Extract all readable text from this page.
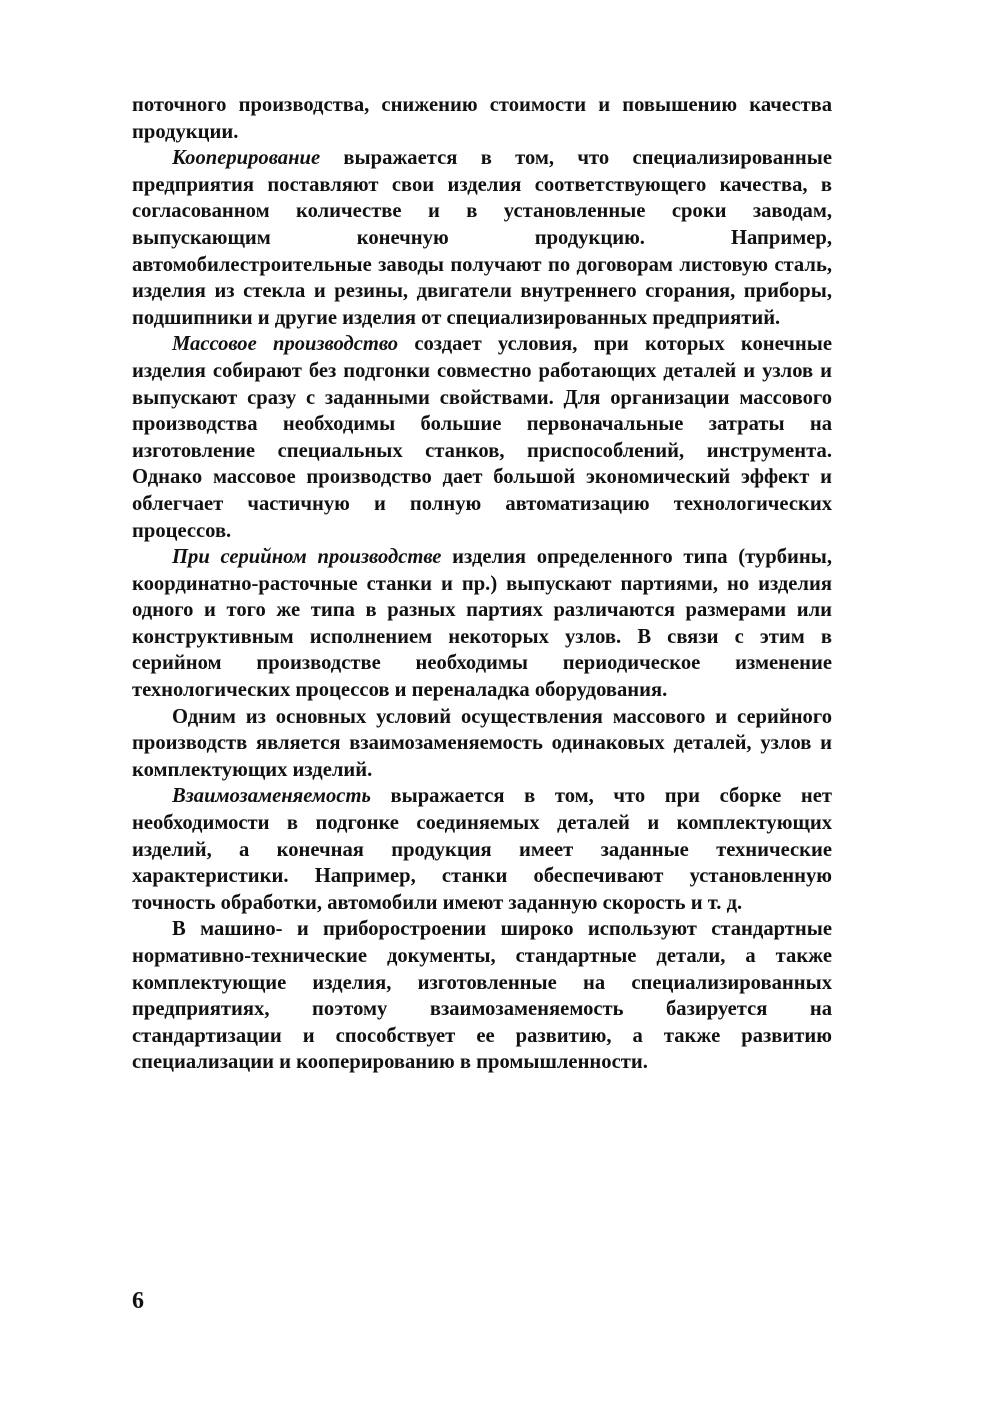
поточного производства, снижению стоимости и повышению качества продукции.

Кооперирование выражается в том, что специализированные предприятия поставляют свои изделия соответствующего качества, в согласованном количестве и в установленные сроки заводам, выпускающим конечную продукцию. Например, автомобилестроительные заводы получают по договорам листовую сталь, изделия из стекла и резины, двигатели внутреннего сгорания, приборы, подшипники и другие изделия от специализированных предприятий.

Массовое производство создает условия, при которых конечные изделия собирают без подгонки совместно работающих деталей и узлов и выпускают сразу с заданными свойствами. Для организации массового производства необходимы большие первоначальные затраты на изготовление специальных станков, приспособлений, инструмента. Однако массовое производство дает большой экономический эффект и облегчает частичную и полную автоматизацию технологических процессов.

При серийном производстве изделия определенного типа (турбины, координатно-расточные станки и пр.) выпускают партиями, но изделия одного и того же типа в разных партиях различаются размерами или конструктивным исполнением некоторых узлов. В связи с этим в серийном производстве необходимы периодическое изменение технологических процессов и переналадка оборудования.

Одним из основных условий осуществления массового и серийного производств является взаимозаменяемость одинаковых деталей, узлов и комплектующих изделий.

Взаимозаменяемость выражается в том, что при сборке нет необходимости в подгонке соединяемых деталей и комплектующих изделий, а конечная продукция имеет заданные технические характеристики. Например, станки обеспечивают установленную точность обработки, автомобили имеют заданную скорость и т. д.

В машино- и приборостроении широко используют стандартные нормативно-технические документы, стандартные детали, а также комплектующие изделия, изготовленные на специализированных предприятиях, поэтому взаимозаменяемость базируется на стандартизации и способствует ее развитию, а также развитию специализации и кооперированию в промышленности.

6
